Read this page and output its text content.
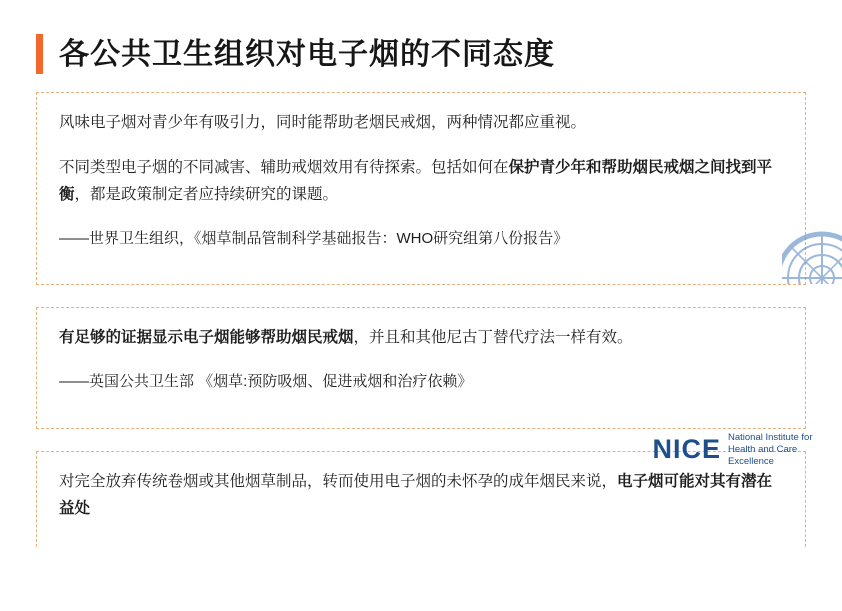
各公共卫生组织对电子烟的不同态度

风味电子烟对青少年有吸引力，同时能帮助老烟民戒烟，两种情况都应重视。

不同类型电子烟的不同减害、辅助戒烟效用有待探索。包括如何在保护青少年和帮助烟民戒烟之间找到平衡，都是政策制定者应持续研究的课题。

——世界卫生组织，《烟草制品管制科学基础报告：WHO研究组第八份报告》

有足够的证据显示电子烟能够帮助烟民戒烟，并且和其他尼古丁替代疗法一样有效。

——英国公共卫生部 《烟草:预防吸烟、促进戒烟和治疗依赖》

对完全放弃传统卷烟或其他烟草制品，转而使用电子烟的未怀孕的成年烟民来说，电子烟可能对其有潜在益处

NICE National Institute for Health and Care Excellence
